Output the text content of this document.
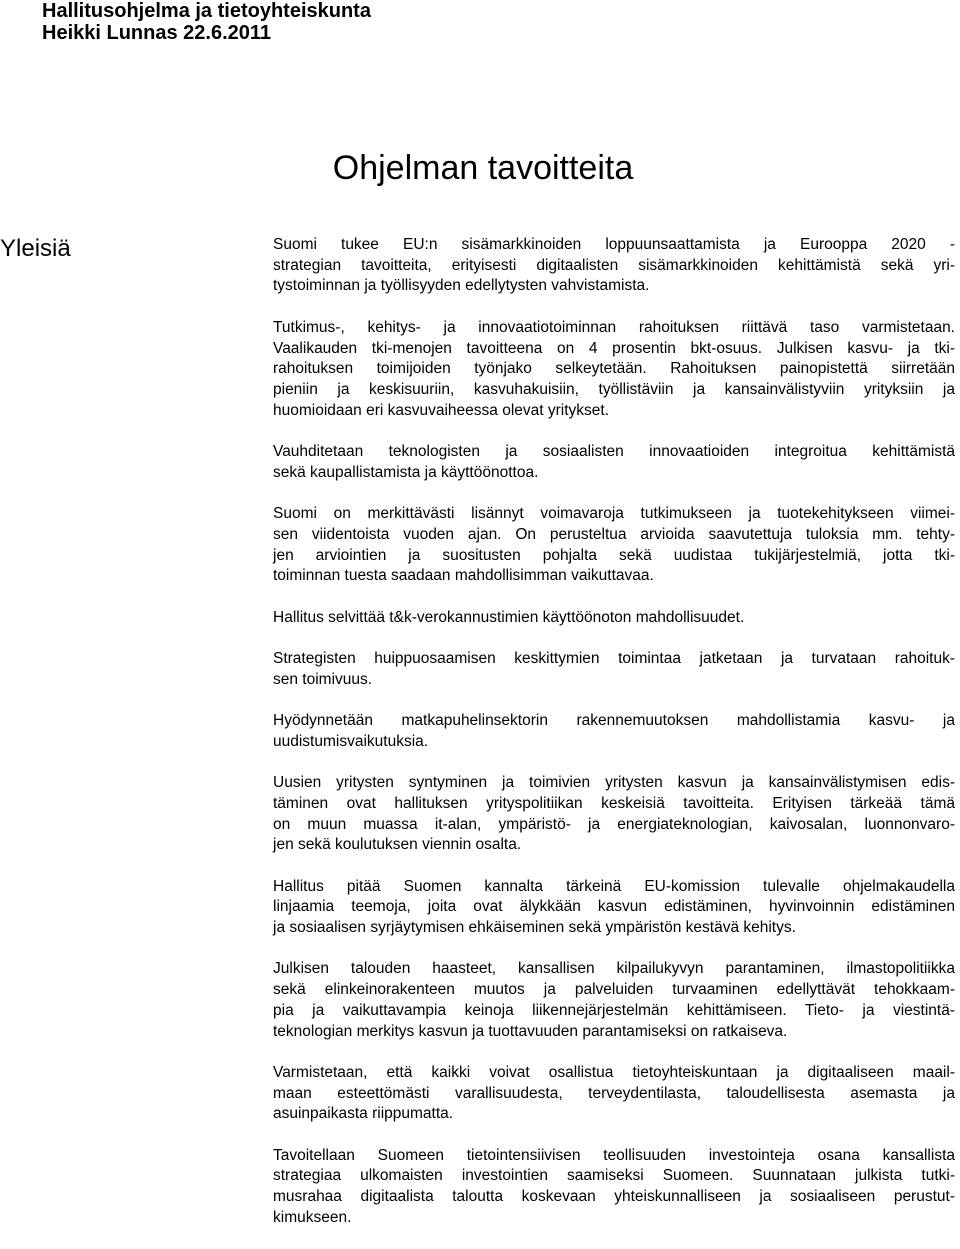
Hallitusohjelma ja tietoyhteiskunta
Heikki Lunnas 22.6.2011
Ohjelman tavoitteita
Yleisiä	Suomi tukee EU:n sisämarkkinoiden loppuunsaattamista ja Eurooppa 2020 -
strategian tavoitteita, erityisesti digitaalisten sisämarkkinoiden kehittämistä sekä yri-
tystoiminnan ja työllisyyden edellytysten vahvistamista.
Tutkimus-, kehitys- ja innovaatiotoiminnan rahoituksen riittävä taso varmistetaan.
Vaalikauden tki-menojen tavoitteena on 4 prosentin bkt-osuus. Julkisen kasvu- ja tki-
rahoituksen toimijoiden työnjako selkeytetään. Rahoituksen painopistettä siirretään
pieniin ja keskisuuriin, kasvuhakuisiin, työllistäviin ja kansainvälistyviin yrityksiin ja
huomioidaan eri kasvuvaiheessa olevat yritykset.
Vauhditetaan teknologisten ja sosiaalisten innovaatioiden integroitua kehittämistä
sekä kaupallistamista ja käyttöönottoa.
Suomi on merkittävästi lisännyt voimavaroja tutkimukseen ja tuotekehitykseen viimei-
sen viidentoista vuoden ajan. On perusteltua arvioida saavutettuja tuloksia mm. tehty-
jen arviointien ja suositusten pohjalta sekä uudistaa tukijärjestelmiä, jotta tki-
toiminnan tuesta saadaan mahdollisimman vaikuttavaa.
Hallitus selvittää t&k-verokannustimien käyttöönoton mahdollisuudet.
Strategisten huippuosaamisen keskittymien toimintaa jatketaan ja turvataan rahoituk-
sen toimivuus.
Hyödynnetään matkapuhelinsektorin rakennemuutoksen mahdollistamia kasvu- ja
uudistumisvaikutuksia.
Uusien yritysten syntyminen ja toimivien yritysten kasvun ja kansainvälistymisen edis-
täminen ovat hallituksen yrityspolitiikan keskeisiä tavoitteita. Erityisen tärkeää tämä
on muun muassa it-alan, ympäristö- ja energiateknologian, kaivosalan, luonnonvaro-
jen sekä koulutuksen viennin osalta.
Hallitus pitää Suomen kannalta tärkeinä EU-komission tulevalle ohjelmakaudella
linjaamia teemoja, joita ovat älykkään kasvun edistäminen, hyvinvoinnin edistäminen
ja sosiaalisen syrjäytymisen ehkäiseminen sekä ympäristön kestävä kehitys.
Julkisen talouden haasteet, kansallisen kilpailukyvyn parantaminen, ilmastopolitiikka
sekä elinkeinorakenteen muutos ja palveluiden turvaaminen edellyttävät tehokkaam-
pia ja vaikuttavampia keinoja liikennejärjestelmän kehittämiseen. Tieto- ja viestintä-
teknologian merkitys kasvun ja tuottavuuden parantamiseksi on ratkaiseva.
Varmistetaan, että kaikki voivat osallistua tietoyhteiskuntaan ja digitaaliseen maail-
maan esteettömästi varallisuudesta, terveydentilasta, taloudellisesta asemasta ja
asuinpaikasta riippumatta.
Tavoitellaan Suomeen tietointensiivisen teollisuuden investointeja osana kansallista
strategiaa ulkomaisten investointien saamiseksi Suomeen. Suunnataan julkista tutki-
musrahaa digitaalista taloutta koskevaan yhteiskunnalliseen ja sosiaaliseen perustut-
kimukseen.
